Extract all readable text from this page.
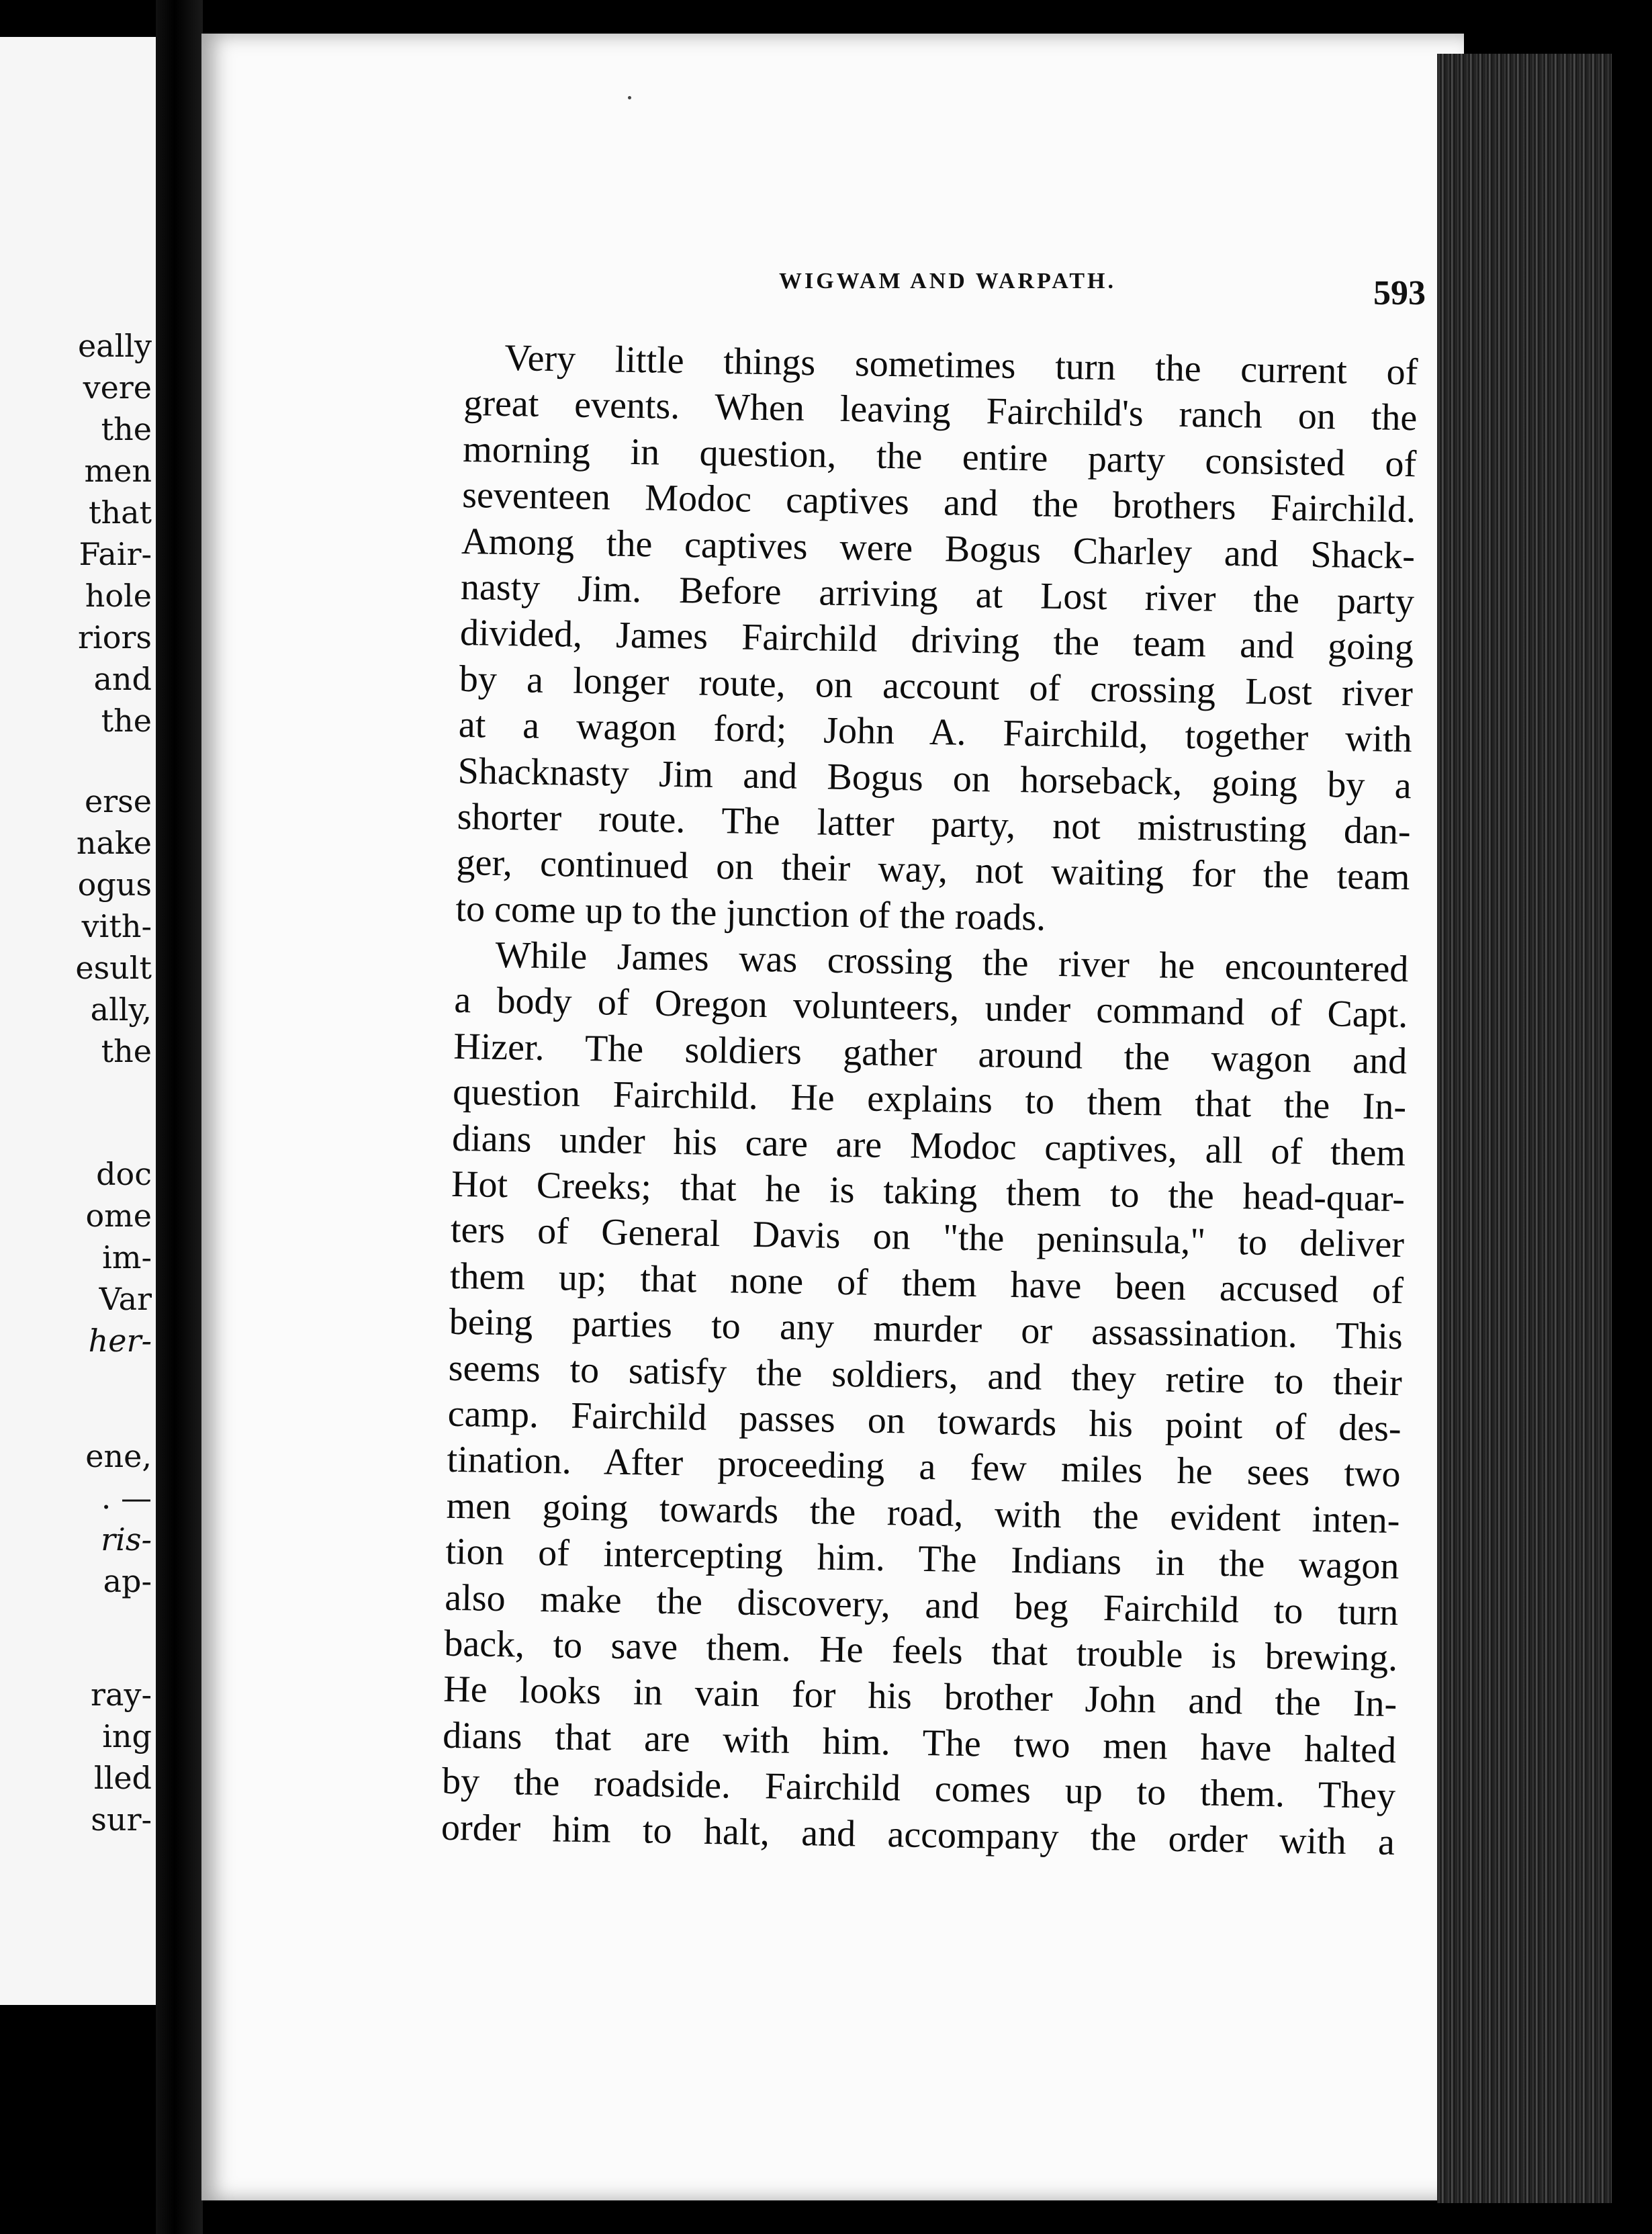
eally
vere
the
men
that
Fair-
hole
riors
and
the
erse
nake
ogus
vith-
esult
ally,
the
doc
ome
im-
Var
her-
ene,
. —
ris-
ap-
ray-
ing
lled
sur-
WIGWAM AND WARPATH.	593
Very little things sometimes turn the current of
great events. When leaving Fairchild's ranch on the
morning in question, the entire party consisted of
seventeen Modoc captives and the brothers Fairchild.
Among the captives were Bogus Charley and Shack-
nasty Jim. Before arriving at Lost river the party
divided, James Fairchild driving the team and going
by a longer route, on account of crossing Lost river
at a wagon ford; John A. Fairchild, together with
Shacknasty Jim and Bogus on horseback, going by a
shorter route. The latter party, not mistrusting dan-
ger, continued on their way, not waiting for the team
to come up to the junction of the roads.
While James was crossing the river he encountered
a body of Oregon volunteers, under command of Capt.
Hizer. The soldiers gather around the wagon and
question Fairchild. He explains to them that the In-
dians under his care are Modoc captives, all of them
Hot Creeks; that he is taking them to the head-quar-
ters of General Davis on "the peninsula," to deliver
them up; that none of them have been accused of
being parties to any murder or assassination. This
seems to satisfy the soldiers, and they retire to their
camp. Fairchild passes on towards his point of des-
tination. After proceeding a few miles he sees two
men going towards the road, with the evident inten-
tion of intercepting him. The Indians in the wagon
also make the discovery, and beg Fairchild to turn
back, to save them. He feels that trouble is brewing.
He looks in vain for his brother John and the In-
dians that are with him. The two men have halted
by the roadside. Fairchild comes up to them. They
order him to halt, and accompany the order with a
